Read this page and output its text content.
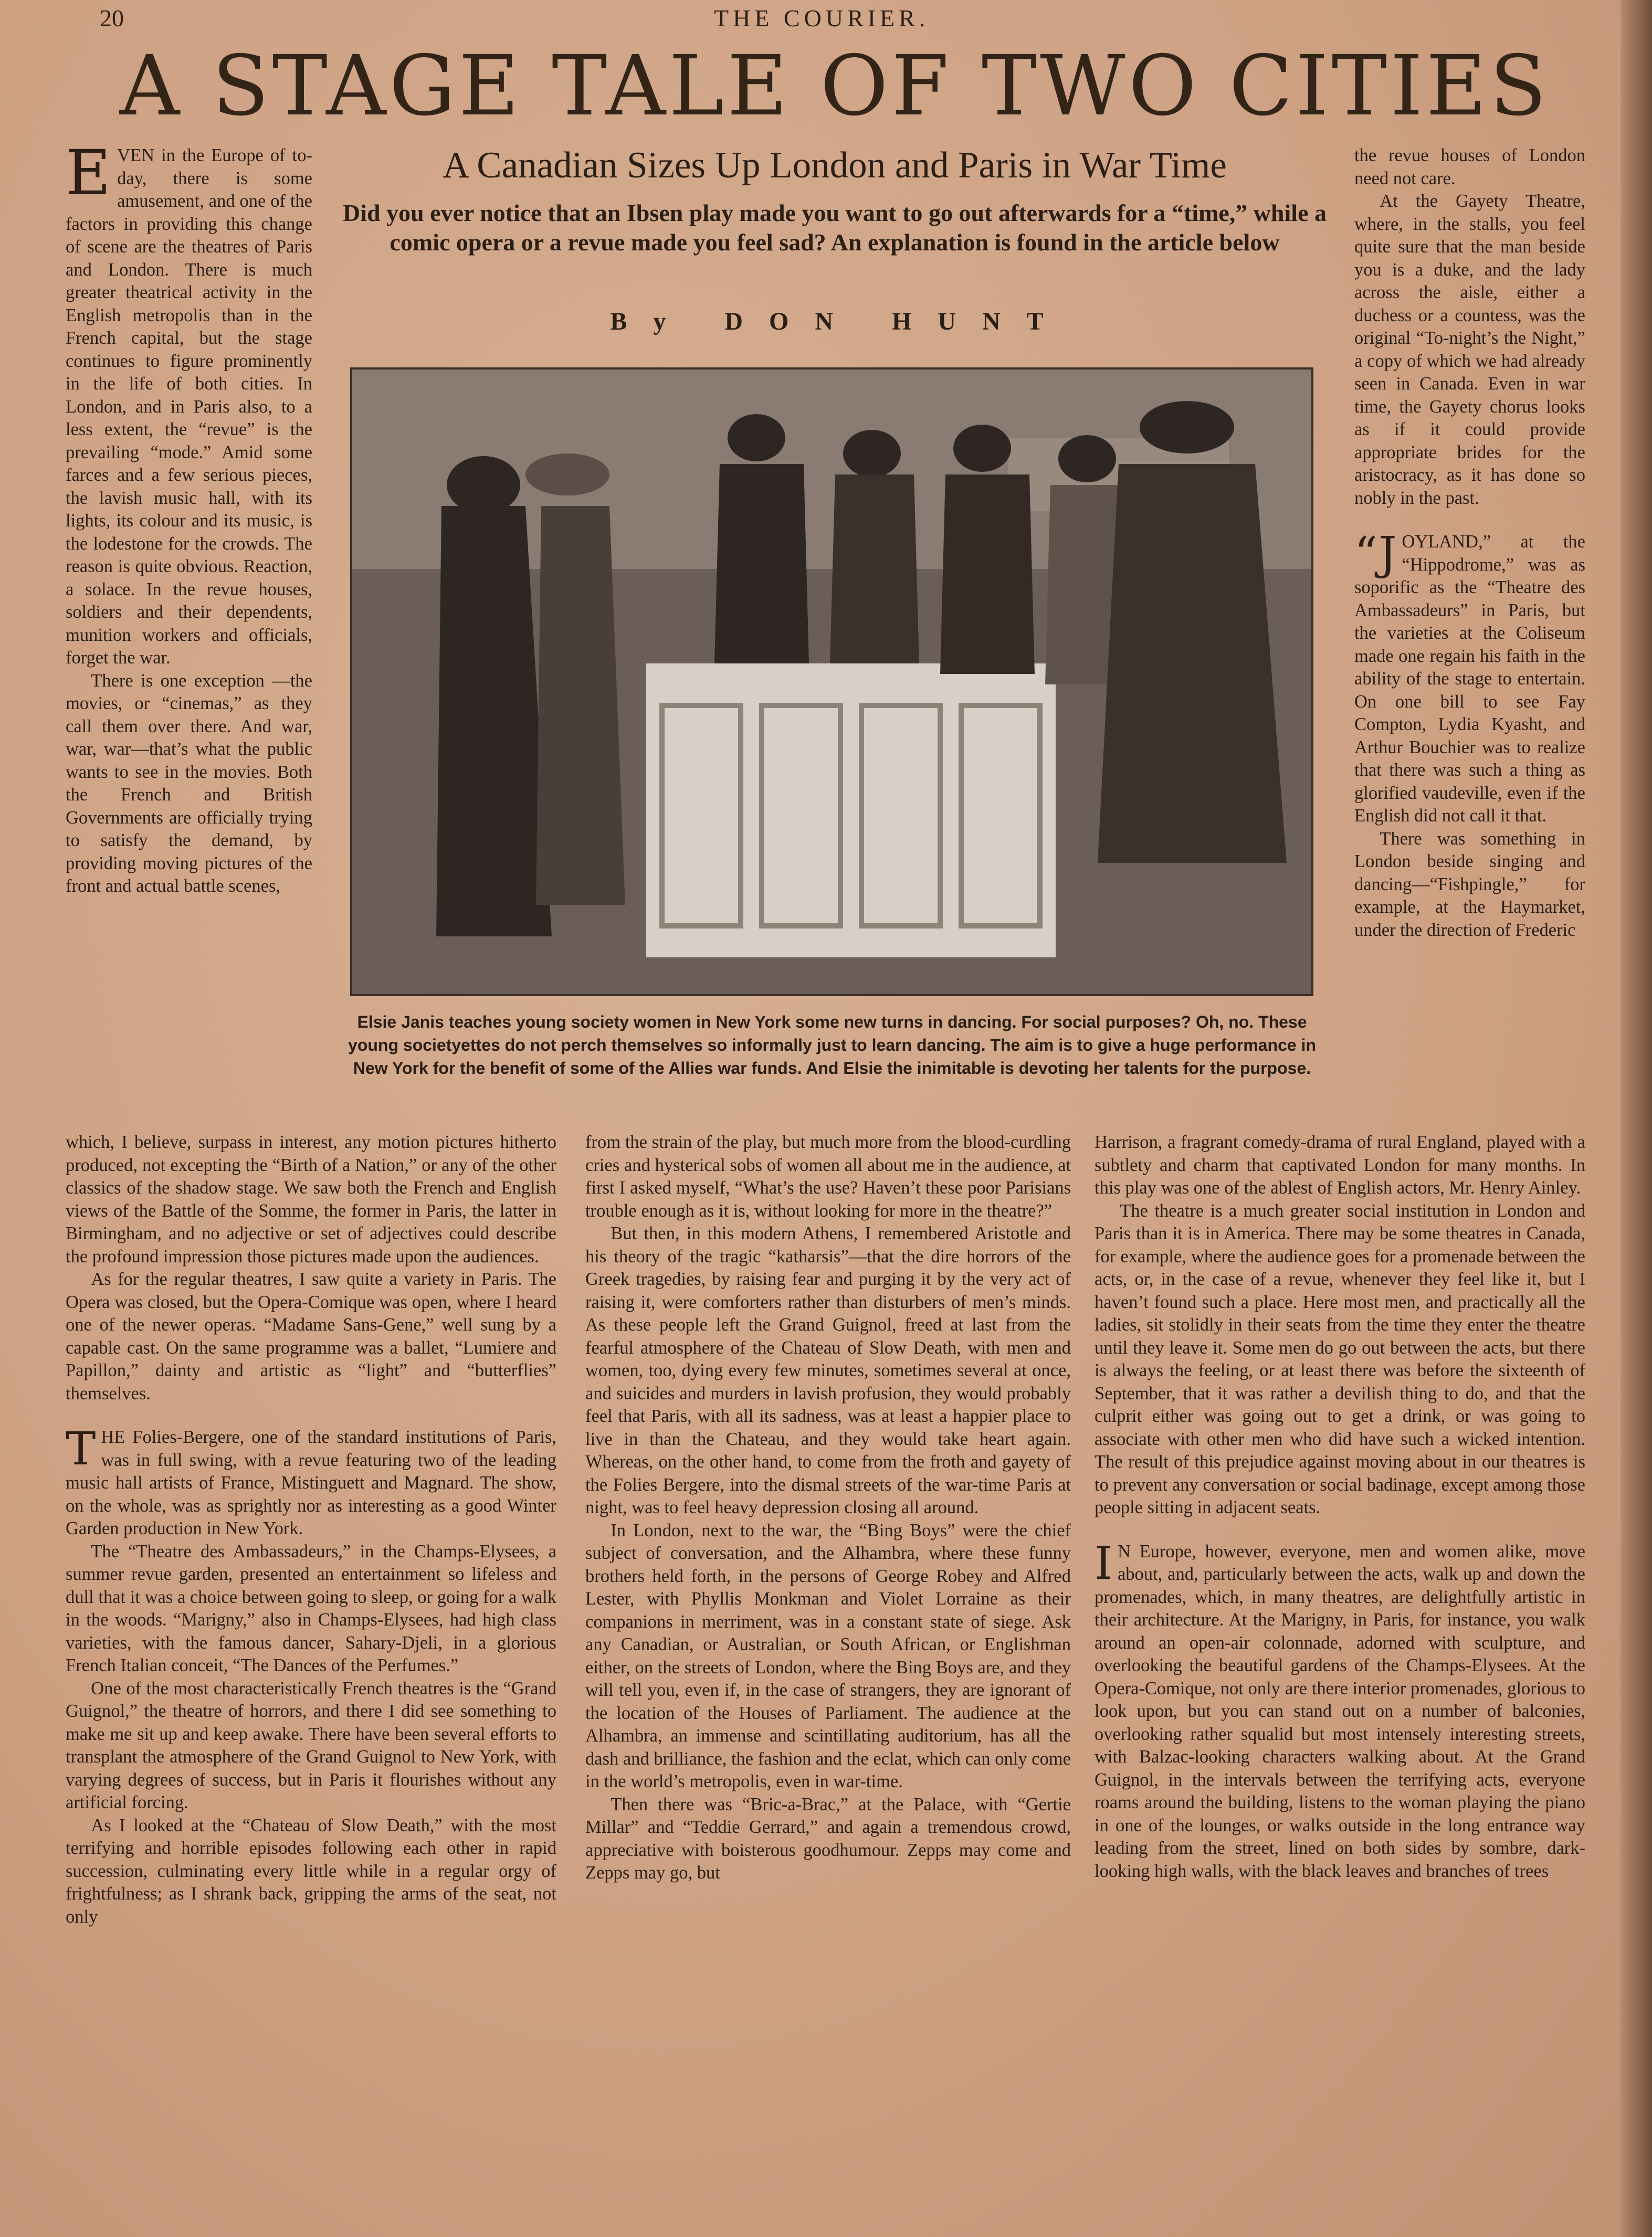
20	THE COURIER.
A STAGE TALE OF TWO CITIES

EVEN in the Europe of to-day, there is some amusement, and one of the factors in providing this change of scene are the theatres of Paris and London. There is much greater theatrical activity in the English metropolis than in the French capital, but the stage continues to figure prominently in the life of both cities. In London, and in Paris also, to a less extent, the “revue” is the prevailing “mode.” Amid some farces and a few serious pieces, the lavish music hall, with its lights, its colour and its music, is the lodestone for the crowds. The reason is quite obvious. Reaction, a solace. In the revue houses, soldiers and their dependents, munition workers and officials, forget the war.

There is one exception —the movies, or “cinemas,” as they call them over there. And war, war, war—that’s what the public wants to see in the movies. Both the French and British Governments are officially trying to satisfy the demand, by providing moving pictures of the front and actual battle scenes,

A Canadian Sizes Up London and Paris in War Time
Did you ever notice that an Ibsen play made you want to go out afterwards for a “time,” while a comic opera or a revue made you feel sad? An explanation is found in the article below
By DON HUNT
Elsie Janis teaches young society women in New York some new turns in dancing. For social purposes? Oh, no. These young societyettes do not perch themselves so informally just to learn dancing. The aim is to give a huge performance in New York for the benefit of some of the Allies war funds. And Elsie the inimitable is devoting her talents for the purpose.

the revue houses of London need not care.

At the Gayety Theatre, where, in the stalls, you feel quite sure that the man beside you is a duke, and the lady across the aisle, either a duchess or a countess, was the original “To-night’s the Night,” a copy of which we had already seen in Canada. Even in war time, the Gayety chorus looks as if it could provide appropriate brides for the aristocracy, as it has done so nobly in the past.

“JOYLAND,” at the “Hippodrome,” was as soporific as the “Theatre des Ambassadeurs” in Paris, but the varieties at the Coliseum made one regain his faith in the ability of the stage to entertain. On one bill to see Fay Compton, Lydia Kyasht, and Arthur Bouchier was to realize that there was such a thing as glorified vaudeville, even if the English did not call it that.

There was something in London beside singing and dancing—“Fishpingle,” for example, at the Haymarket, under the direction of Frederic

which, I believe, surpass in interest, any motion pictures hitherto produced, not excepting the “Birth of a Nation,” or any of the other classics of the shadow stage. We saw both the French and English views of the Battle of the Somme, the former in Paris, the latter in Birmingham, and no adjective or set of adjectives could describe the profound impression those pictures made upon the audiences.

As for the regular theatres, I saw quite a variety in Paris. The Opera was closed, but the Opera-Comique was open, where I heard one of the newer operas. “Madame Sans-Gene,” well sung by a capable cast. On the same programme was a ballet, “Lumiere and Papillon,” dainty and artistic as “light” and “butterflies” themselves.

THE Folies-Bergere, one of the standard institutions of Paris, was in full swing, with a revue featuring two of the leading music hall artists of France, Mistinguett and Magnard. The show, on the whole, was as sprightly nor as interesting as a good Winter Garden production in New York.

The “Theatre des Ambassadeurs,” in the Champs-Elysees, a summer revue garden, presented an entertainment so lifeless and dull that it was a choice between going to sleep, or going for a walk in the woods. “Marigny,” also in Champs-Elysees, had high class varieties, with the famous dancer, Sahary-Djeli, in a glorious French Italian conceit, “The Dances of the Perfumes.”

One of the most characteristically French theatres is the “Grand Guignol,” the theatre of horrors, and there I did see something to make me sit up and keep awake. There have been several efforts to transplant the atmosphere of the Grand Guignol to New York, with varying degrees of success, but in Paris it flourishes without any artificial forcing.

As I looked at the “Chateau of Slow Death,” with the most terrifying and horrible episodes following each other in rapid succession, culminating every little while in a regular orgy of frightfulness; as I shrank back, gripping the arms of the seat, not only

from the strain of the play, but much more from the blood-curdling cries and hysterical sobs of women all about me in the audience, at first I asked myself, “What’s the use? Haven’t these poor Parisians trouble enough as it is, without looking for more in the theatre?”

But then, in this modern Athens, I remembered Aristotle and his theory of the tragic “katharsis”—that the dire horrors of the Greek tragedies, by raising fear and purging it by the very act of raising it, were comforters rather than disturbers of men’s minds. As these people left the Grand Guignol, freed at last from the fearful atmosphere of the Chateau of Slow Death, with men and women, too, dying every few minutes, sometimes several at once, and suicides and murders in lavish profusion, they would probably feel that Paris, with all its sadness, was at least a happier place to live in than the Chateau, and they would take heart again. Whereas, on the other hand, to come from the froth and gayety of the Folies Bergere, into the dismal streets of the war-time Paris at night, was to feel heavy depression closing all around.

In London, next to the war, the “Bing Boys” were the chief subject of conversation, and the Alhambra, where these funny brothers held forth, in the persons of George Robey and Alfred Lester, with Phyllis Monkman and Violet Lorraine as their companions in merriment, was in a constant state of siege. Ask any Canadian, or Australian, or South African, or Englishman either, on the streets of London, where the Bing Boys are, and they will tell you, even if, in the case of strangers, they are ignorant of the location of the Houses of Parliament. The audience at the Alhambra, an immense and scintillating auditorium, has all the dash and brilliance, the fashion and the eclat, which can only come in the world’s metropolis, even in war-time.

Then there was “Bric-a-Brac,” at the Palace, with “Gertie Millar” and “Teddie Gerrard,” and again a tremendous crowd, appreciative with boisterous goodhumour. Zepps may come and Zepps may go, but

Harrison, a fragrant comedy-drama of rural England, played with a subtlety and charm that captivated London for many months. In this play was one of the ablest of English actors, Mr. Henry Ainley.

The theatre is a much greater social institution in London and Paris than it is in America. There may be some theatres in Canada, for example, where the audience goes for a promenade between the acts, or, in the case of a revue, whenever they feel like it, but I haven’t found such a place. Here most men, and practically all the ladies, sit stolidly in their seats from the time they enter the theatre until they leave it. Some men do go out between the acts, but there is always the feeling, or at least there was before the sixteenth of September, that it was rather a devilish thing to do, and that the culprit either was going out to get a drink, or was going to associate with other men who did have such a wicked intention. The result of this prejudice against moving about in our theatres is to prevent any conversation or social badinage, except among those people sitting in adjacent seats.

I N Europe, however, everyone, men and women alike, move about, and, particularly between the acts, walk up and down the promenades, which, in many theatres, are delightfully artistic in their architecture. At the Marigny, in Paris, for instance, you walk around an open-air colonnade, adorned with sculpture, and overlooking the beautiful gardens of the Champs-Elysees. At the Opera-Comique, not only are there interior promenades, glorious to look upon, but you can stand out on a number of balconies, overlooking rather squalid but most intensely interesting streets, with Balzac-looking characters walking about. At the Grand Guignol, in the intervals between the terrifying acts, everyone roams around the building, listens to the woman playing the piano in one of the lounges, or walks outside in the long entrance way leading from the street, lined on both sides by sombre, dark-looking high walls, with the black leaves and branches of trees
